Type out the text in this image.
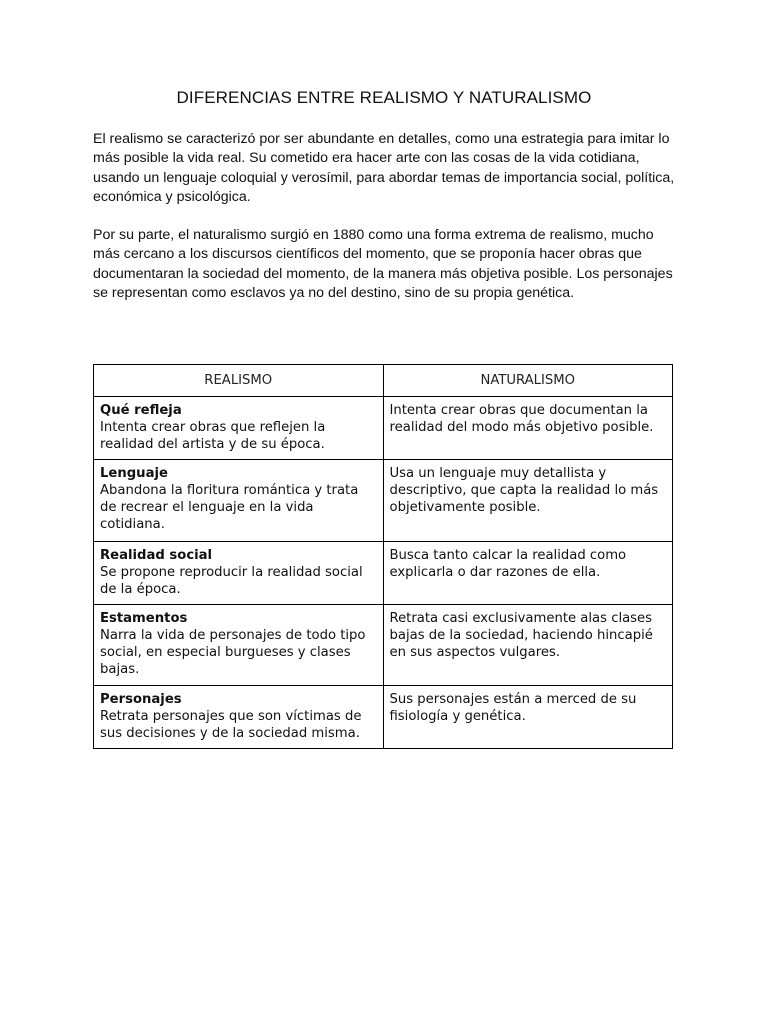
DIFERENCIAS ENTRE REALISMO Y NATURALISMO

El realismo se caracterizó por ser abundante en detalles, como una estrategia para imitar lo más posible la vida real. Su cometido era hacer arte con las cosas de la vida cotidiana, usando un lenguaje coloquial y verosímil, para abordar temas de importancia social, política, económica y psicológica.

Por su parte, el naturalismo surgió en 1880 como una forma extrema de realismo, mucho más cercano a los discursos científicos del momento, que se proponía hacer obras que documentaran la sociedad del momento, de la manera más objetiva posible. Los personajes se representan como esclavos ya no del destino, sino de su propia genética.

REALISMO	NATURALISMO

Qué refleja
Intenta crear obras que reflejen la realidad del artista y de su época.	Intenta crear obras que documentan la realidad del modo más objetivo posible.

Lenguaje
Abandona la floritura romántica y trata de recrear el lenguaje en la vida cotidiana.	Usa un lenguaje muy detallista y descriptivo, que capta la realidad lo más objetivamente posible.

Realidad social
Se propone reproducir la realidad social de la época.	Busca tanto calcar la realidad como explicarla o dar razones de ella.

Estamentos
Narra la vida de personajes de todo tipo social, en especial burgueses y clases bajas.	Retrata casi exclusivamente alas clases bajas de la sociedad, haciendo hincapié en sus aspectos vulgares.

Personajes
Retrata personajes que son víctimas de sus decisiones y de la sociedad misma.	Sus personajes están a merced de su fisiología y genética.
